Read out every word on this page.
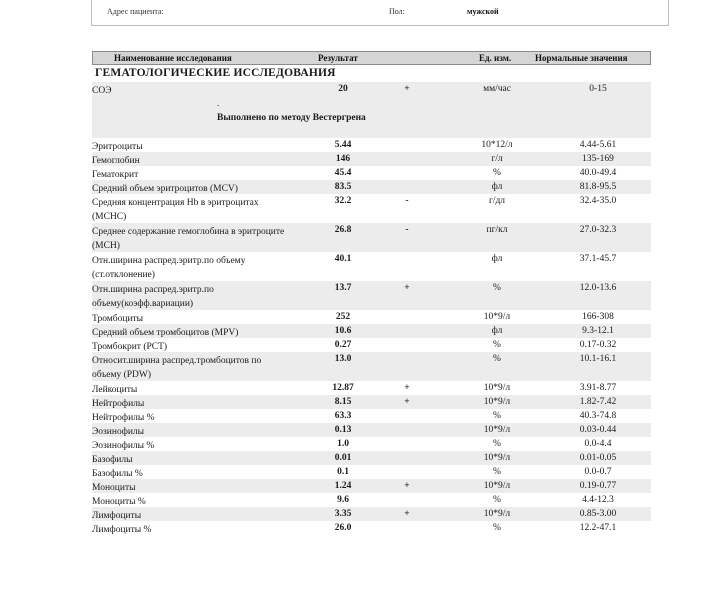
Адрес пациента:	Пол:	мужской
Наименование исследования	Результат	Ед. изм.	Нормальные значения
ГЕМАТОЛОГИЧЕСКИЕ ИССЛЕДОВАНИЯ
СОЭ	20	+	мм/час	0-15
.
Выполнено по методу Вестергрена
Эритроциты	5.44	10*12/л	4.44-5.61
Гемоглобин	146	г/л	135-169
Гематокрит	45.4	%	40.0-49.4
Средний объем эритроцитов (MCV)	83.5	фл	81.8-95.5
Средняя концентрация Hb в эритроцитах (MCHC)
32.2	-	г/дл	32.4-35.0
Среднее содержание гемоглобина в эритроците (MCH)
26.8	-	пг/кл	27.0-32.3
Отн.ширина распред.эритр.по объему (ст.отклонение)
40.1	фл	37.1-45.7
Отн.ширина распред.эритр.по объему(коэфф.вариации)
13.7	+	%	12.0-13.6
Тромбоциты	252	10*9/л	166-308
Средний объем тромбоцитов (MPV)	10.6	фл	9.3-12.1
Тромбокрит (PCT)	0.27	%	0.17-0.32
Относит.ширина распред.тромбоцитов по объему (PDW)
13.0	%	10.1-16.1
Лейкоциты	12.87	+	10*9/л	3.91-8.77
Нейтрофилы	8.15	+	10*9/л	1.82-7.42
Нейтрофилы %	63.3	%	40.3-74.8
Эозинофилы	0.13	10*9/л	0.03-0.44
Эозинофилы %	1.0	%	0.0-4.4
Базофилы	0.01	10*9/л	0.01-0.05
Базофилы %	0.1	%	0.0-0.7
Моноциты	1.24	+	10*9/л	0.19-0.77
Моноциты %	9.6	%	4.4-12.3
Лимфоциты	3.35	+	10*9/л	0.85-3.00
Лимфоциты %	26.0	%	12.2-47.1
